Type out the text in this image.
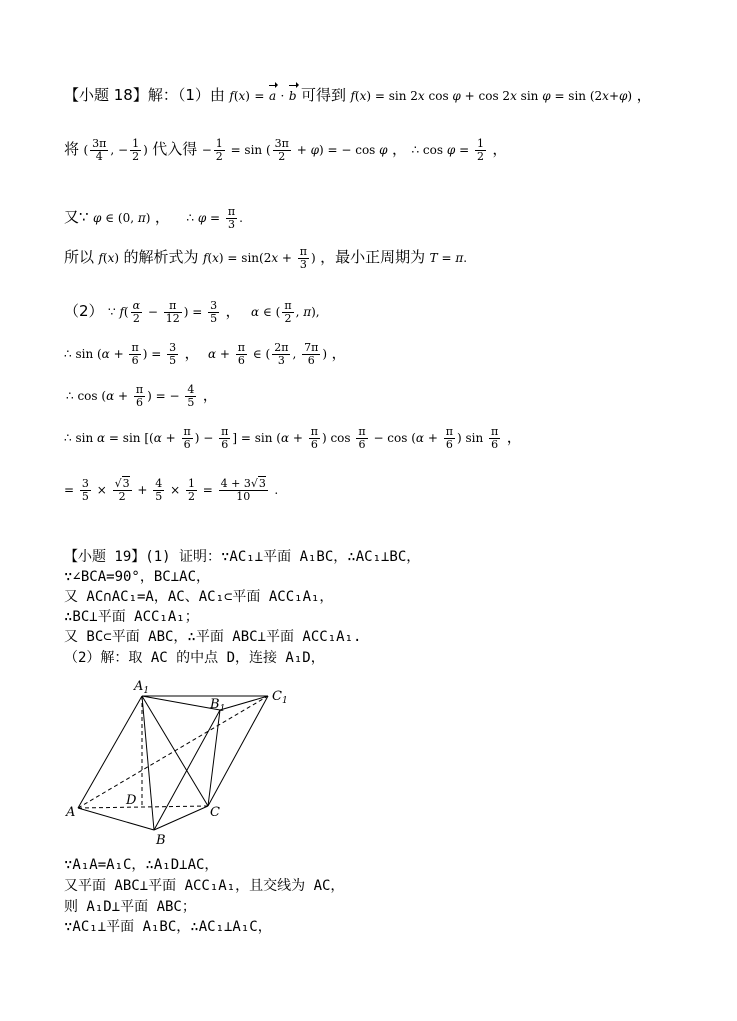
【小题 18】解：（1）由 f(x) = a · b 可得到 f(x) = sin 2x cos φ + cos 2x sin φ = sin (2x+φ) ，
将 ( $\frac{3\pi}{4}$ , − $\frac{1}{2}$ ) 代入得 − $\frac{1}{2} = \sin$ ( $\frac{3\pi}{2} + \varphi$) = − cos φ ， ∴ $\cos \varphi = \frac{1}{2}$ ，
又∵ φ ∈ (0, π) ， ∴ $\varphi = \frac{\pi}{3}$ .
所以 f(x) 的解析式为 $f(x) = \sin(2x + \frac{\pi}{3}$ ) ，最小正周期为 T = π.
（2） ∵ $f( \frac{\alpha}{2} - \frac{\pi}{12}$ ) = $\frac{3}{5}$ ， α ∈ ( $\frac{\pi}{2}$ , π),
∴ $\sin (\alpha + \frac{\pi}{6}$ ) = $\frac{3}{5}$ ， $\alpha + \frac{\pi}{6}$ ∈ ( $\frac{2\pi}{3}$ , $\frac{7\pi}{6}$ ) ，
∴ $\cos (\alpha + \frac{\pi}{6}$ ) = − $\frac{4}{5}$ ，
∴ $\sin \alpha = \sin [(\alpha + \frac{\pi}{6}$ ) − $\frac{\pi}{6}$ ] = $\sin (\alpha + \frac{\pi}{6}$ ) $\cos \frac{\pi}{6} - \cos (\alpha + \frac{\pi}{6}$ ) $\sin \frac{\pi}{6}$ ，
= $\frac{3}{5} \times \frac{√3}{2} + \frac{4}{5} \times \frac{1}{2} = \frac{4 + 3√3}{10}$ .
【小题 19】(1) 证明：∵AC₁⊥平面 A₁BC，∴AC₁⊥BC，
∵∠BCA=90°，BC⊥AC，
又 AC∩AC₁=A，AC、AC₁⊂平面 ACC₁A₁，
∴BC⊥平面 ACC₁A₁；
又 BC⊂平面 ABC，∴平面 ABC⊥平面 ACC₁A₁.
（2）解：取 AC 的中点 D，连接 A₁D，
$A_1$
$B_1$
$C_1$
A
B
C
D
∵A₁A=A₁C，∴A₁D⊥AC，
又平面 ABC⊥平面 ACC₁A₁，且交线为 AC，
则 A₁D⊥平面 ABC；
∵AC₁⊥平面 A₁BC，∴AC₁⊥A₁C，
